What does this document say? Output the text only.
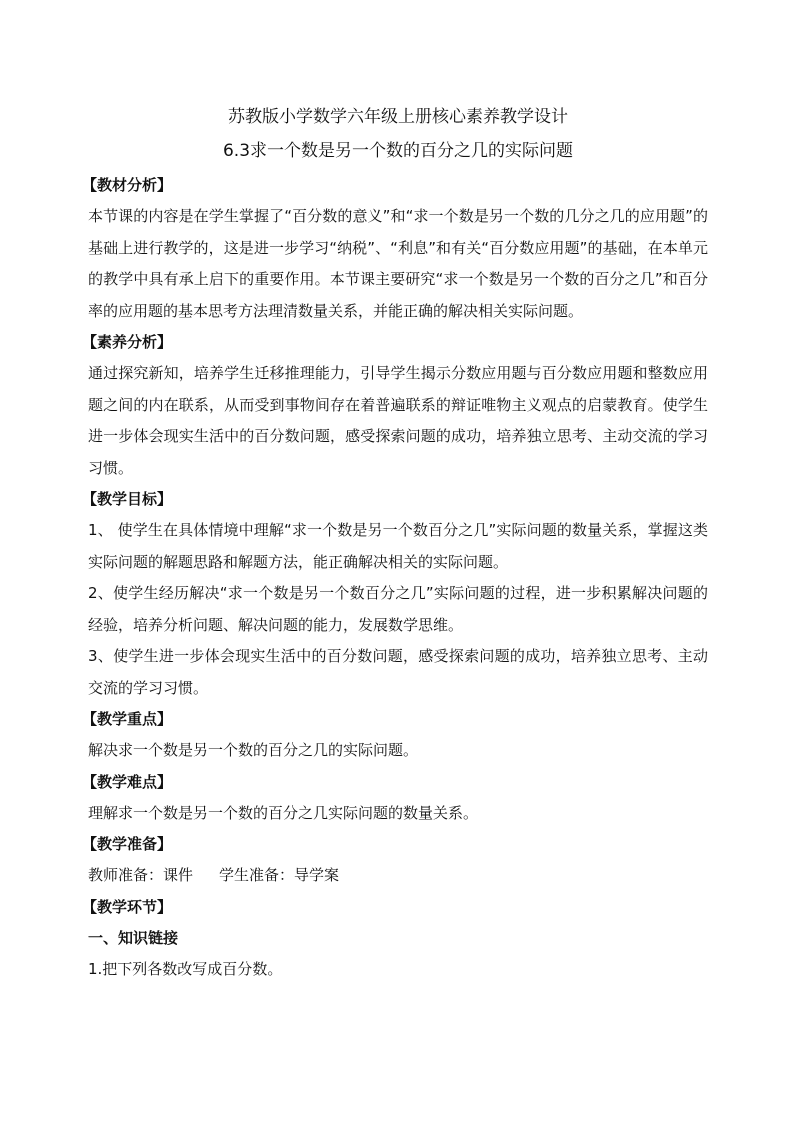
苏教版小学数学六年级上册核心素养教学设计
6.3求一个数是另一个数的百分之几的实际问题

【教材分析】

本节课的内容是在学生掌握了“百分数的意义”和“求一个数是另一个数的几分之几的应用题”的基础上进行教学的，这是进一步学习“纳税”、“利息”和有关“百分数应用题”的基础，在本单元的教学中具有承上启下的重要作用。本节课主要研究“求一个数是另一个数的百分之几”和百分率的应用题的基本思考方法理清数量关系，并能正确的解决相关实际问题。

【素养分析】

通过探究新知，培养学生迁移推理能力，引导学生揭示分数应用题与百分数应用题和整数应用题之间的内在联系，从而受到事物间存在着普遍联系的辩证唯物主义观点的启蒙教育。使学生进一步体会现实生活中的百分数问题，感受探索问题的成功，培养独立思考、主动交流的学习习惯。

【教学目标】

1、 使学生在具体情境中理解“求一个数是另一个数百分之几”实际问题的数量关系，掌握这类实际问题的解题思路和解题方法，能正确解决相关的实际问题。

2、使学生经历解决“求一个数是另一个数百分之几”实际问题的过程，进一步积累解决问题的经验，培养分析问题、解决问题的能力，发展数学思维。

3、使学生进一步体会现实生活中的百分数问题，感受探索问题的成功，培养独立思考、主动交流的学习习惯。

【教学重点】

解决求一个数是另一个数的百分之几的实际问题。

【教学难点】

理解求一个数是另一个数的百分之几实际问题的数量关系。

【教学准备】

教师准备：课件 学生准备：导学案

【教学环节】

一、知识链接

1.把下列各数改写成百分数。
